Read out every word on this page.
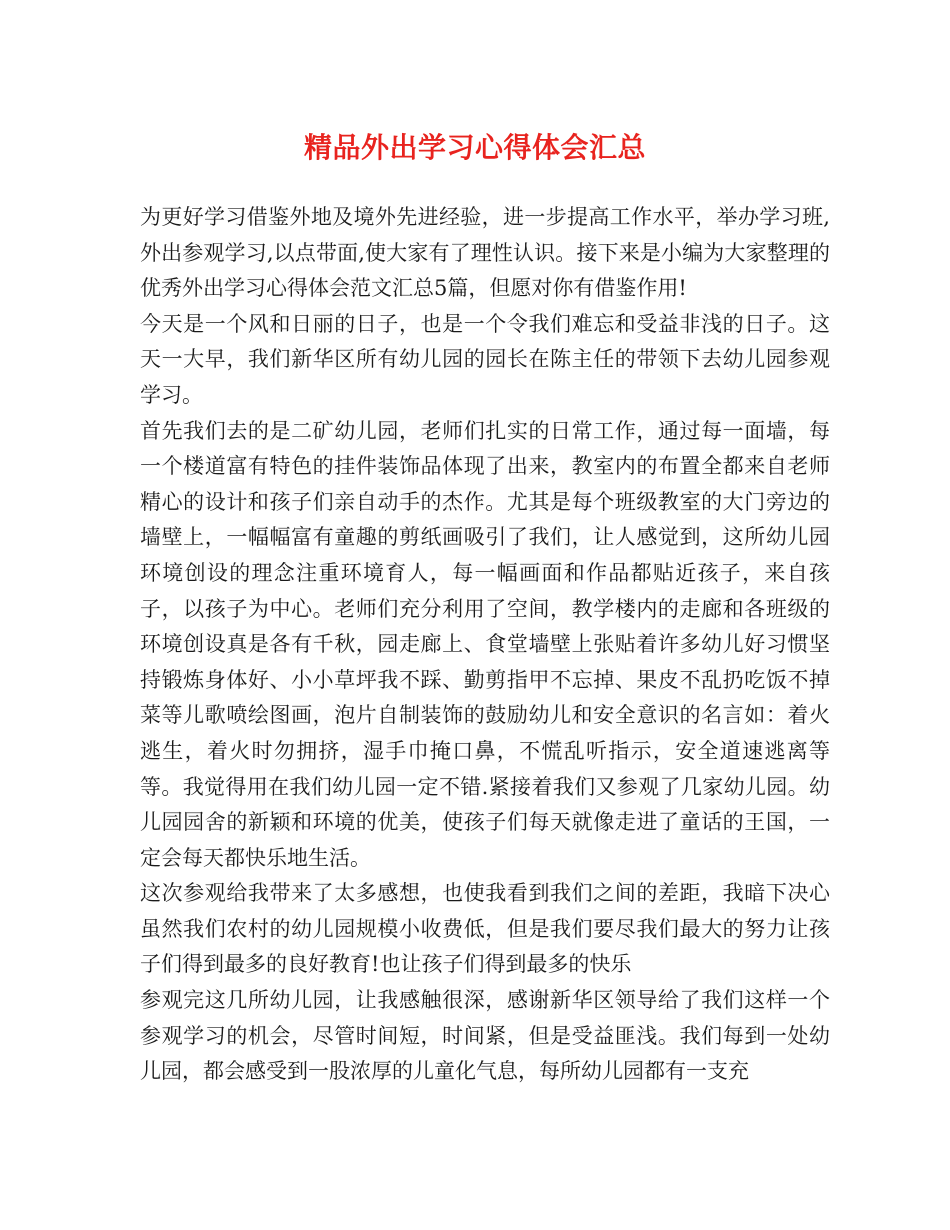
精品外出学习心得体会汇总

为更好学习借鉴外地及境外先进经验，进一步提高工作水平，举办学习班,外出参观学习,以点带面,使大家有了理性认识。接下来是小编为大家整理的优秀外出学习心得体会范文汇总5篇，但愿对你有借鉴作用!

今天是一个风和日丽的日子，也是一个令我们难忘和受益非浅的日子。这天一大早，我们新华区所有幼儿园的园长在陈主任的带领下去幼儿园参观学习。

首先我们去的是二矿幼儿园，老师们扎实的日常工作，通过每一面墙，每一个楼道富有特色的挂件装饰品体现了出来，教室内的布置全都来自老师精心的设计和孩子们亲自动手的杰作。尤其是每个班级教室的大门旁边的墙壁上，一幅幅富有童趣的剪纸画吸引了我们，让人感觉到，这所幼儿园环境创设的理念注重环境育人，每一幅画面和作品都贴近孩子，来自孩子，以孩子为中心。老师们充分利用了空间，教学楼内的走廊和各班级的环境创设真是各有千秋，园走廊上、食堂墙壁上张贴着许多幼儿好习惯坚持锻炼身体好、小小草坪我不踩、勤剪指甲不忘掉、果皮不乱扔吃饭不掉菜等儿歌喷绘图画，泡片自制装饰的鼓励幼儿和安全意识的名言如：着火逃生，着火时勿拥挤，湿手巾掩口鼻，不慌乱听指示，安全道速逃离等等。我觉得用在我们幼儿园一定不错.紧接着我们又参观了几家幼儿园。幼儿园园舍的新颖和环境的优美，使孩子们每天就像走进了童话的王国，一定会每天都快乐地生活。

这次参观给我带来了太多感想，也使我看到我们之间的差距，我暗下决心虽然我们农村的幼儿园规模小收费低，但是我们要尽我们最大的努力让孩子们得到最多的良好教育!也让孩子们得到最多的快乐

参观完这几所幼儿园，让我感触很深，感谢新华区领导给了我们这样一个参观学习的机会，尽管时间短，时间紧，但是受益匪浅。我们每到一处幼儿园，都会感受到一股浓厚的儿童化气息，每所幼儿园都有一支充
